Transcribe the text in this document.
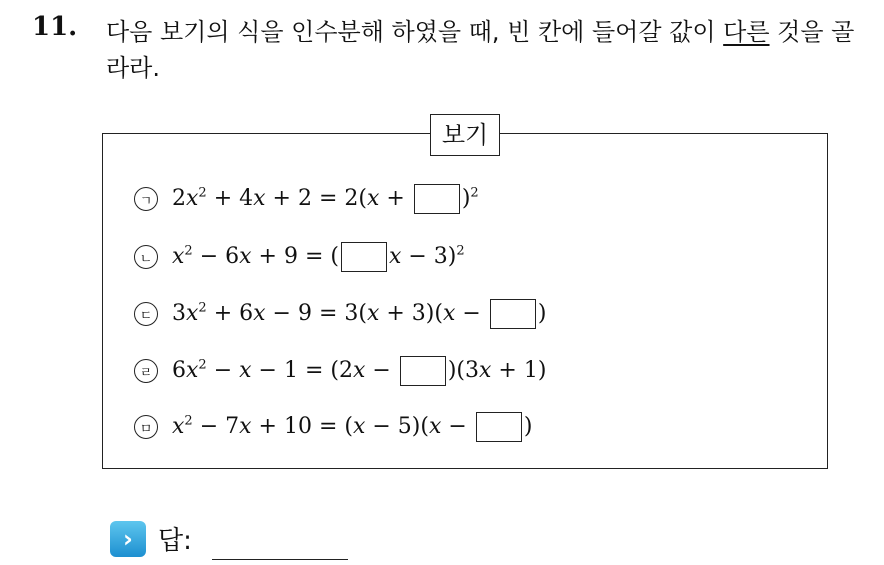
11. 다음 보기의 식을 인수분해 하였을 때, 빈 칸에 들어갈 값이 다른 것을 골라라.
보기
ㄱ $2x^2 + 4x + 2 = 2(x + )^2$
ㄴ $x^2 - 6x + 9$ = ( x − 3)$^2$
ㄷ $3x^2 + 6x - 9 = 3(x + 3)(x$ − )
ㄹ $6x^2 - x - 1 = (2x - )(3x + 1)$
ㅁ $x^2 - 7x + 10 = (x - 5)(x$ − )
› 답:
